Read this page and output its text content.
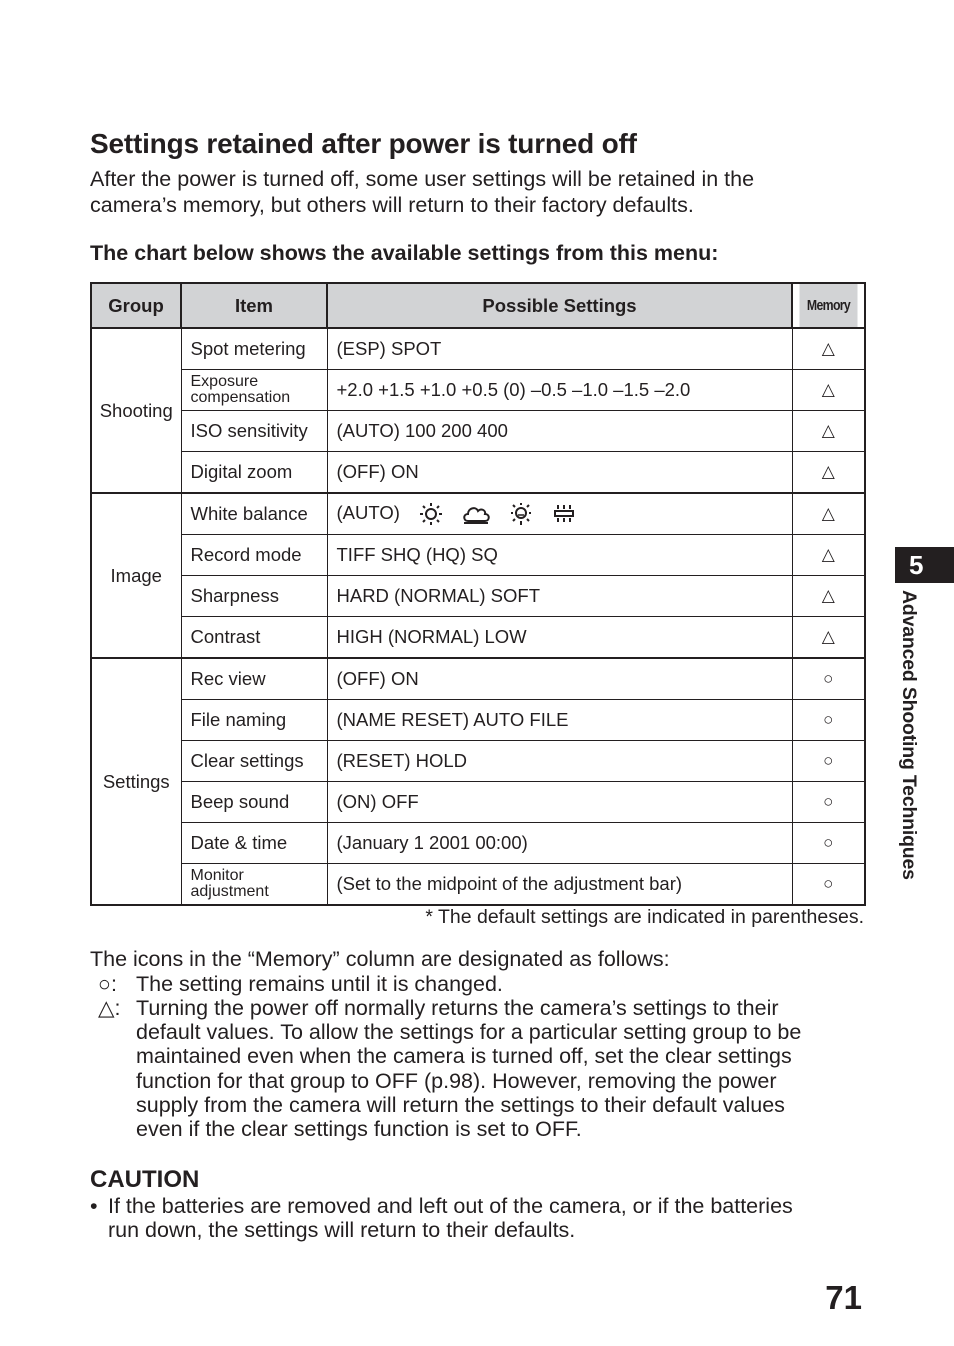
Settings retained after power is turned off
After the power is turned off, some user settings will be retained in the
camera’s memory, but others will return to their factory defaults.
The chart below shows the available settings from this menu:
Group	Item	Possible Settings	Memory
Shooting	Spot metering	(ESP) SPOT	△
	Exposure compensation	+2.0 +1.5 +1.0 +0.5 (0) –0.5 –1.0 –1.5 –2.0	△
	ISO sensitivity	(AUTO) 100 200 400	△
	Digital zoom	(OFF) ON	△
Image	White balance	(AUTO)	△
	Record mode	TIFF SHQ (HQ) SQ	△
	Sharpness	HARD (NORMAL) SOFT	△
	Contrast	HIGH (NORMAL) LOW	△
Settings	Rec view	(OFF) ON	○
	File naming	(NAME RESET) AUTO FILE	○
	Clear settings	(RESET) HOLD	○
	Beep sound	(ON) OFF	○
	Date & time	(January 1 2001 00:00)	○
	Monitor adjustment	(Set to the midpoint of the adjustment bar)	○
* The default settings are indicated in parentheses.
The icons in the “Memory” column are designated as follows:
○: The setting remains until it is changed.
△: Turning the power off normally returns the camera’s settings to their
default values. To allow the settings for a particular setting group to be
maintained even when the camera is turned off, set the clear settings
function for that group to OFF (p.98). However, removing the power
supply from the camera will return the settings to their default values
even if the clear settings function is set to OFF.
CAUTION
• If the batteries are removed and left out of the camera, or if the batteries
run down, the settings will return to their defaults.
5
Advanced Shooting Techniques
71
